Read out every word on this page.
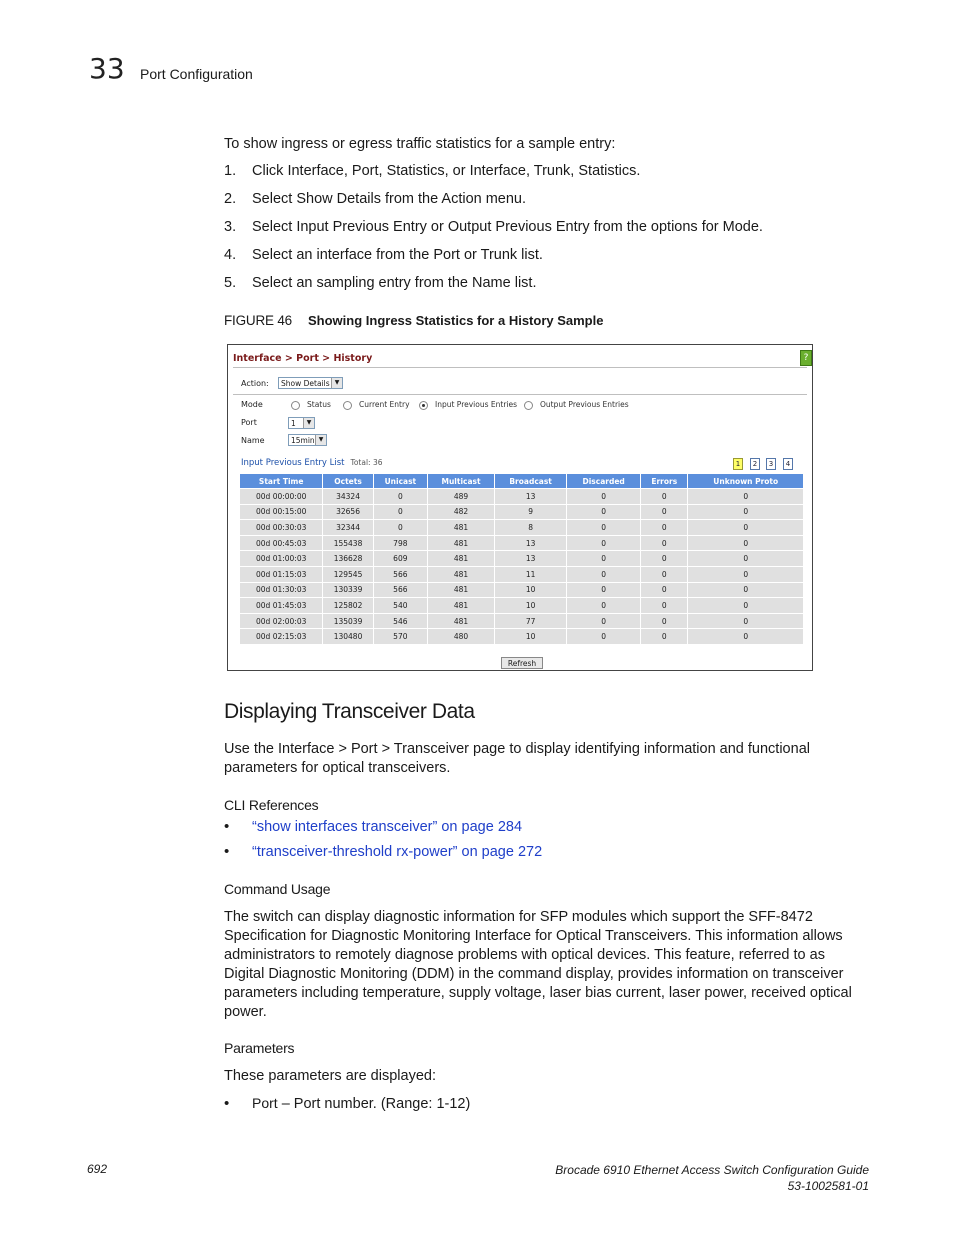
33 Port Configuration
To show ingress or egress traffic statistics for a sample entry:
1. Click Interface, Port, Statistics, or Interface, Trunk, Statistics.
2. Select Show Details from the Action menu.
3. Select Input Previous Entry or Output Previous Entry from the options for Mode.
4. Select an interface from the Port or Trunk list.
5. Select an sampling entry from the Name list.
FIGURE 46 Showing Ingress Statistics for a History Sample
Interface > Port > History	?
Action:	Show Details ▼
Mode	Status	Current Entry	Input Previous Entries	Output Previous Entries
Port	1	▼
Name	15min ▼
Input Previous Entry List Total: 36	1	2	3	4
Start Time	Octets	Unicast	Multicast	Broadcast	Discarded	Errors	Unknown Proto
00d 00:00:00	34324	0	489	13	0	0	0
00d 00:15:00	32656	0	482	9	0	0	0
00d 00:30:03	32344	0	481	8	0	0	0
00d 00:45:03	155438	798	481	13	0	0	0
00d 01:00:03	136628	609	481	13	0	0	0
00d 01:15:03	129545	566	481	11	0	0	0
00d 01:30:03	130339	566	481	10	0	0	0
00d 01:45:03	125802	540	481	10	0	0	0
00d 02:00:03	135039	546	481	77	0	0	0
00d 02:15:03	130480	570	480	10	0	0	0
Refresh
Displaying Transceiver Data
Use the Interface > Port > Transceiver page to display identifying information and functional
parameters for optical transceivers.
CLI References
• “show interfaces transceiver” on page 284
• “transceiver-threshold rx-power” on page 272
Command Usage
The switch can display diagnostic information for SFP modules which support the SFF-8472
Specification for Diagnostic Monitoring Interface for Optical Transceivers. This information allows
administrators to remotely diagnose problems with optical devices. This feature, referred to as
Digital Diagnostic Monitoring (DDM) in the command display, provides information on transceiver
parameters including temperature, supply voltage, laser bias current, laser power, received optical
power.
Parameters
These parameters are displayed:
• Port – Port number. (Range: 1-12)
692	Brocade 6910 Ethernet Access Switch Configuration Guide
53-1002581-01
